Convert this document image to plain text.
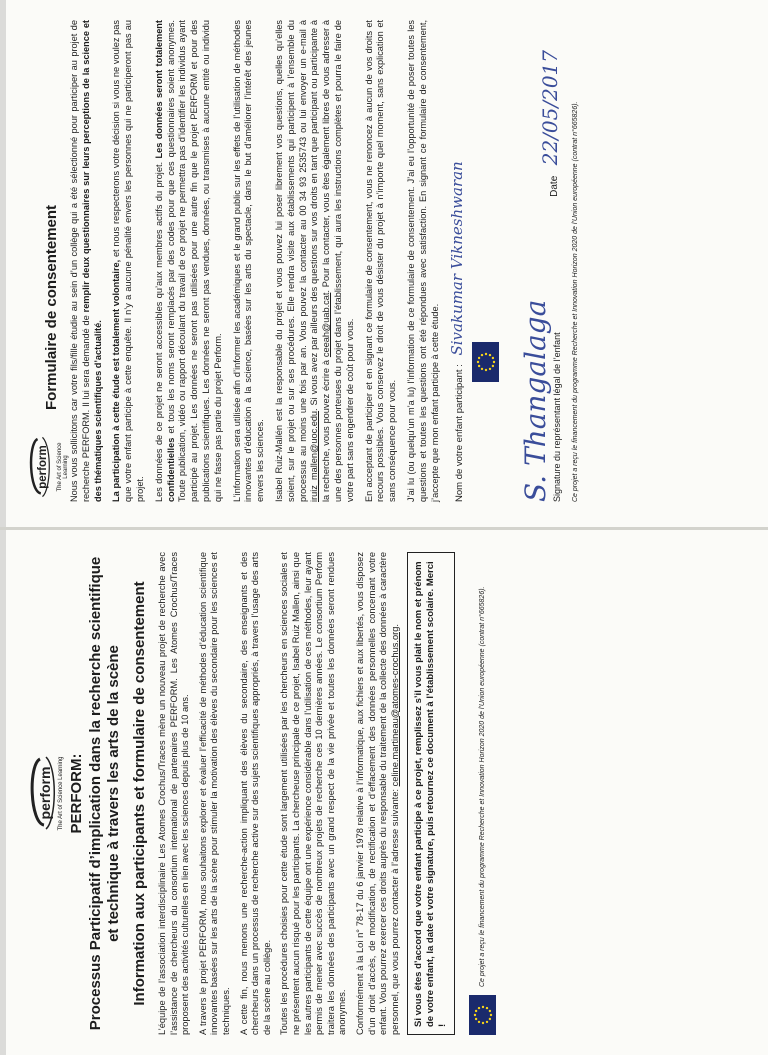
perform The Art of Science Learning PERFORM: Processus Participatif d’implication dans la recherche scientifique et technique à travers les arts de la scène Information aux participants et formulaire de consentement L’équipe de l’association interdisciplinaire Les Atomes Crochus/Traces mène un nouveau projet de recherche avec l’assistance de chercheurs du consortium international de partenaires PERFORM. Les Atomes Crochus/Traces proposent des activités culturelles en lien avec les sciences depuis plus de 10 ans. A travers le projet PERFORM, nous souhaitons explorer et évaluer l’efficacité de méthodes d’éducation scientifique innovantes basées sur les arts de la scène pour stimuler la motivation des élèves du secondaire pour les sciences et techniques. A cette fin, nous menons une recherche-action impliquant des élèves du secondaire, des enseignants et des chercheurs dans un processus de recherche active sur des sujets scientifiques appropriés, à travers l’usage des arts de la scène au collège. Toutes les procédures choisies pour cette étude sont largement utilisées par les chercheurs en sciences sociales et ne présentent aucun risqué pour les participants. La chercheuse principale de ce projet, Isabel Ruiz Mallen, ainsi que les autres participants de cette équipe ont une expérience considérable dans l’utilisation de ces méthodes, leur ayant permis de mener avec succès de nombreux projets de recherche ces 10 dernières années. Le consortium Perform traitera les données des participants avec un grand respect de la vie privée et toutes les données seront rendues anonymes. Conformément à la Loi n° 78-17 du 6 janvier 1978 relative à l’informatique, aux fichiers et aux libertés, vous disposez d’un droit d’accès, de modification, de rectification et d’effacement des données personnelles concernant votre enfant. Vous pourrez exercer ces droits auprès du responsable du traitement de la collecte des données à caractère personnel, que vous pourrez contacter à l’adresse suivante: celine.martineau@atomes-crochus.org.	Si vous êtes d’accord que votre enfant participe à ce projet, remplissez s’il vous plait le nom et prénom de votre enfant, la date et votre signature, puis retournez ce document à l’établissement scolaire. Merci !
Ce projet a reçu le financement du programme Recherche et Innovation Horizon 2020 de l’Union européenne (contrat n°665826).
perform The Art of Science Learning
Formulaire de consentement Nous vous sollicitons car votre fils/fille étudie au sein d’un collège qui a été sélectionné pour participer au projet de recherche PERFORM. Il lui sera demandé de remplir deux questionnaires sur leurs perceptions de la science et des thématiques scientifiques d’actualité. La participation à cette étude est totalement volontaire, et nous respecterons votre décision si vous ne voulez pas que votre enfant participe à cette enquête. Il n’y a aucune pénalité envers les personnes qui ne participeront pas au projet. Les données de ce projet ne seront accessibles qu’aux membres actifs du projet. Les données seront totalement confidentielles et tous les noms seront remplacés par des codes pour que ces questionnaires soient anonymes. Toute publication, vidéo ou rapport découlant du travail de ce projet ne permettra pas d’identifier les individus ayant participé au projet. Les données ne seront pas utilisées pour une autre fin que le projet PERFORM et pour des publications scientifiques. Les données ne seront pas vendues, données, ou transmises à aucune entité ou individu qui ne fasse pas partie du projet Perform. L’information sera utilisée afin d’informer les académiques et le grand public sur les effets de l’utilisation de méthodes innovantes d’éducation à la science, basées sur les arts du spectacle, dans le but d’améliorer l’intérêt des jeunes envers les sciences. Isabel Ruiz-Mallén est la responsable du projet et vous pouvez lui poser librement vos questions, quelles qu’elles soient, sur le projet ou sur ses procédures. Elle rendra visite aux établissements qui participent à l’ensemble du processus au moins une fois par an. Vous pouvez la contacter au 00 34 93 2535743 ou lui envoyer un e-mail à iruiz_mallen@uoc.edu. Si vous avez par ailleurs des questions sur vos droits en tant que participant ou participante à la recherche, vous pouvez écrire à ceeah@uab.cat. Pour la contacter, vous êtes également libres de vous adresser à une des personnes porteuses du projet dans l’établissement, qui aura les instructions complètes et pourra le faire de votre part sans engendrer de coût pour vous. En acceptant de participer et en signant ce formulaire de consentement, vous ne renoncez à aucun de vos droits et recours possibles. Vous conservez le droit de vous désister du projet à n’importe quel moment, sans explication et sans conséquence pour vous. J’ai lu (ou quelqu’un m’a lu) l’information de ce formulaire de consentement. J’ai eu l’opportunité de poser toutes les questions et toutes les questions ont été répondues avec satisfaction. En signant ce formulaire de consentement, j’accepte que mon enfant participe à cette étude.	Nom de votre enfant participant : Sivakumar Vikneshwaran
S. Thangalaga Signature du représentant légal de l’enfant
Date 22/05/2017 Ce projet a reçu le financement du programme Recherche et Innovation Horizon 2020 de l’Union européenne (contrat n°665826).
